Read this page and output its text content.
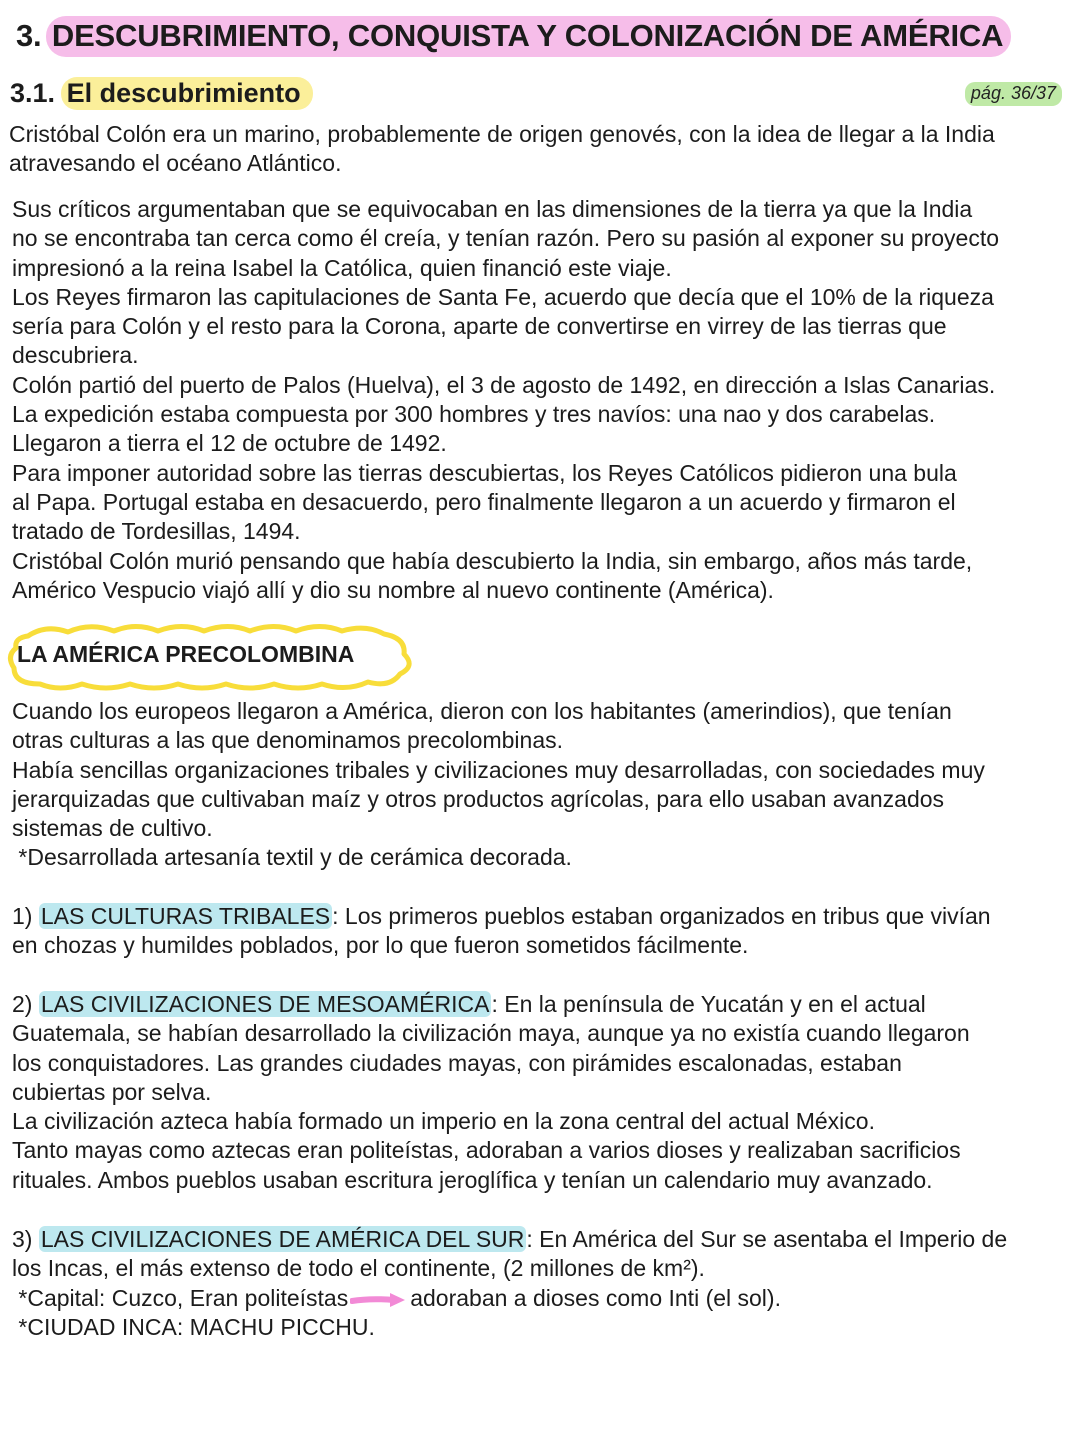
3. DESCUBRIMIENTO, CONQUISTA Y COLONIZACIÓN DE AMÉRICA
3.1. El descubrimiento	pág. 36/37
Cristóbal Colón era un marino, probablemente de origen genovés, con la idea de llegar a la India
atravesando el océano Atlántico.
Sus críticos argumentaban que se equivocaban en las dimensiones de la tierra ya que la India
no se encontraba tan cerca como él creía, y tenían razón. Pero su pasión al exponer su proyecto
impresionó a la reina Isabel la Católica, quien financió este viaje.
Los Reyes firmaron las capitulaciones de Santa Fe, acuerdo que decía que el 10% de la riqueza
sería para Colón y el resto para la Corona, aparte de convertirse en virrey de las tierras que
descubriera.
Colón partió del puerto de Palos (Huelva), el 3 de agosto de 1492, en dirección a Islas Canarias.
La expedición estaba compuesta por 300 hombres y tres navíos: una nao y dos carabelas.
Llegaron a tierra el 12 de octubre de 1492.
Para imponer autoridad sobre las tierras descubiertas, los Reyes Católicos pidieron una bula
al Papa. Portugal estaba en desacuerdo, pero finalmente llegaron a un acuerdo y firmaron el
tratado de Tordesillas, 1494.
Cristóbal Colón murió pensando que había descubierto la India, sin embargo, años más tarde,
Américo Vespucio viajó allí y dio su nombre al nuevo continente (América).
LA AMÉRICA PRECOLOMBINA
Cuando los europeos llegaron a América, dieron con los habitantes (amerindios), que tenían
otras culturas a las que denominamos precolombinas.
Había sencillas organizaciones tribales y civilizaciones muy desarrolladas, con sociedades muy
jerarquizadas que cultivaban maíz y otros productos agrícolas, para ello usaban avanzados
sistemas de cultivo.
*Desarrollada artesanía textil y de cerámica decorada.
1) LAS CULTURAS TRIBALES: Los primeros pueblos estaban organizados en tribus que vivían
en chozas y humildes poblados, por lo que fueron sometidos fácilmente.
2) LAS CIVILIZACIONES DE MESOAMÉRICA: En la península de Yucatán y en el actual
Guatemala, se habían desarrollado la civilización maya, aunque ya no existía cuando llegaron
los conquistadores. Las grandes ciudades mayas, con pirámides escalonadas, estaban
cubiertas por selva.
La civilización azteca había formado un imperio en la zona central del actual México.
Tanto mayas como aztecas eran politeístas, adoraban a varios dioses y realizaban sacrificios
rituales. Ambos pueblos usaban escritura jeroglífica y tenían un calendario muy avanzado.
3) LAS CIVILIZACIONES DE AMÉRICA DEL SUR: En América del Sur se asentaba el Imperio de
los Incas, el más extenso de todo el continente, (2 millones de km²).
*Capital: Cuzco, Eran politeístas	adoraban a dioses como Inti (el sol).
*CIUDAD INCA: MACHU PICCHU.
